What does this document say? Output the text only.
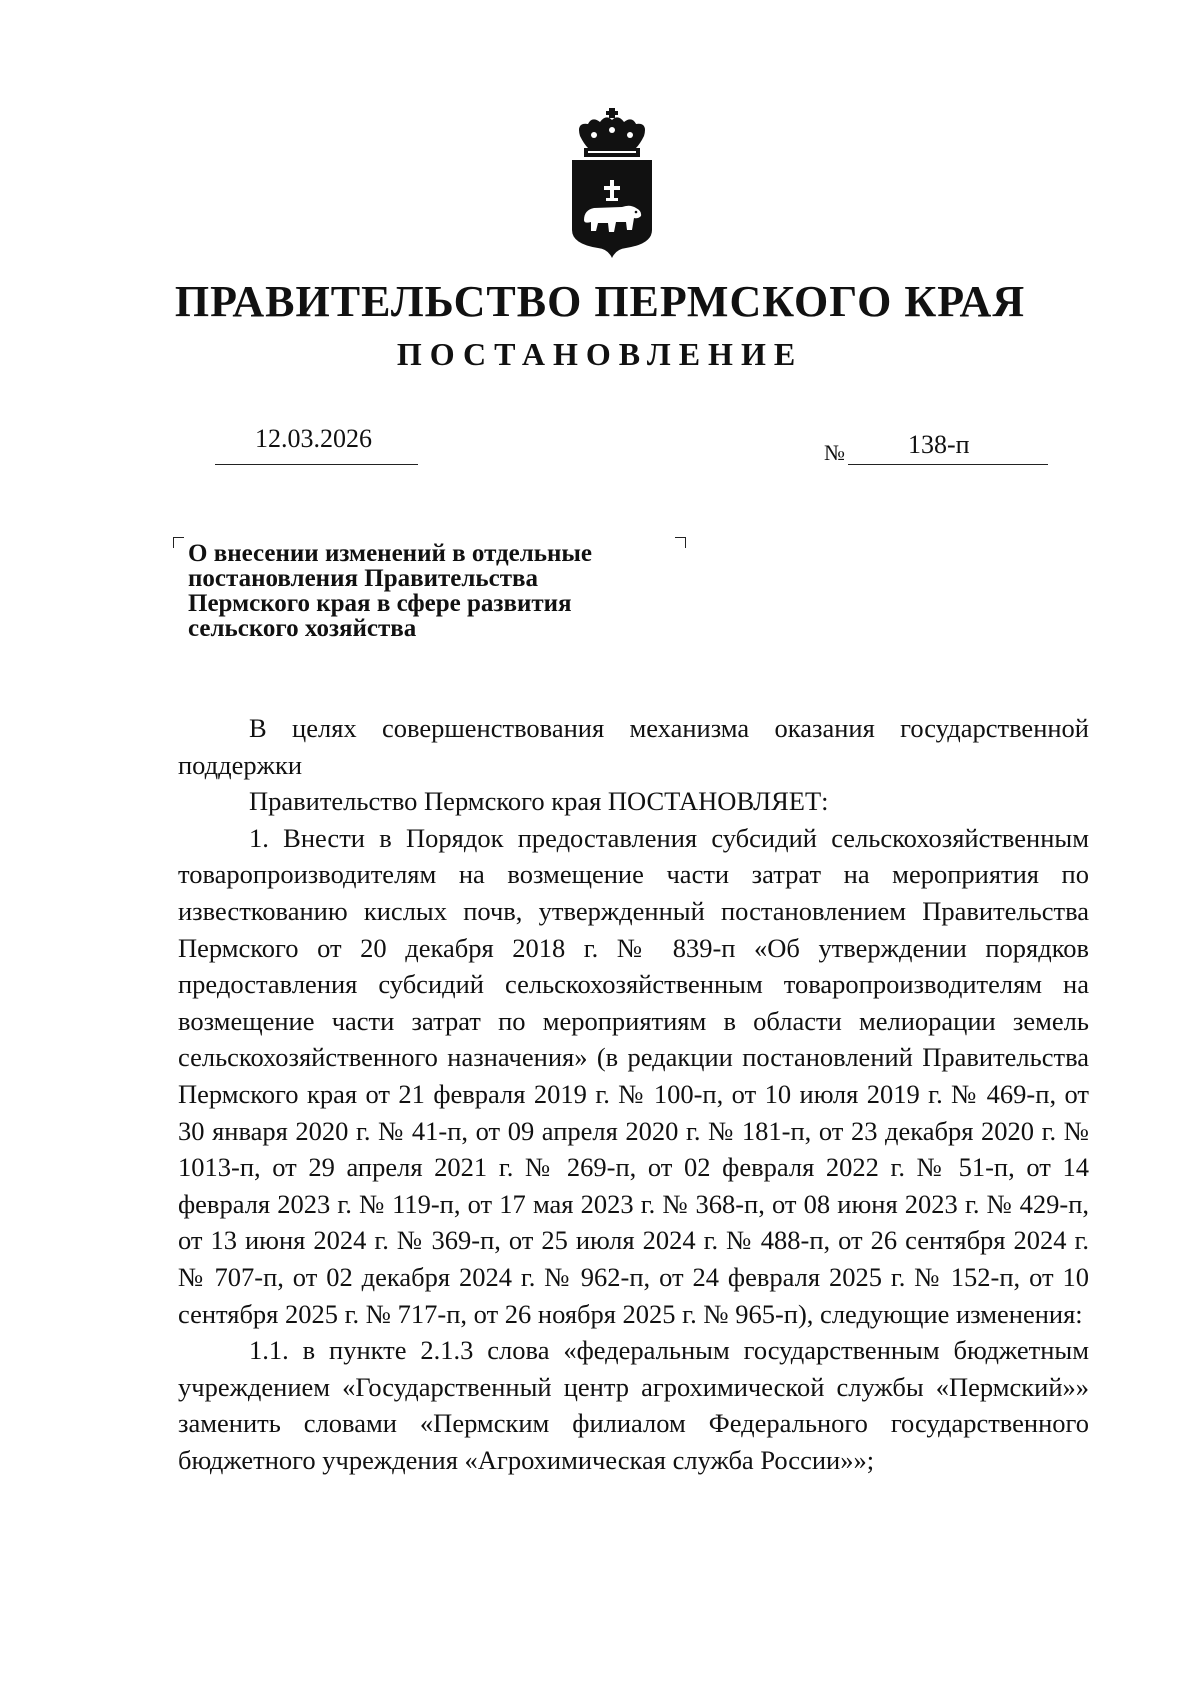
ПРАВИТЕЛЬСТВО ПЕРМСКОГО КРАЯ
ПОСТАНОВЛЕНИЕ
12.03.2026	№ 138-п
О внесении изменений в отдельные
постановления Правительства
Пермского края в сфере развития
сельского хозяйства

В целях совершенствования механизма оказания государственной поддержки

Правительство Пермского края ПОСТАНОВЛЯЕТ:

1. Внести в Порядок предоставления субсидий сельскохозяйственным товаропроизводителям на возмещение части затрат на мероприятия по известкованию кислых почв, утвержденный постановлением Правительства Пермского от 20 декабря 2018 г. № 839-п «Об утверждении порядков предоставления субсидий сельскохозяйственным товаропроизводителям на возмещение части затрат по мероприятиям в области мелиорации земель сельскохозяйственного назначения» (в редакции постановлений Правительства Пермского края от 21 февраля 2019 г. № 100-п, от 10 июля 2019 г. № 469-п, от 30 января 2020 г. № 41-п, от 09 апреля 2020 г. № 181-п, от 23 декабря 2020 г. № 1013-п, от 29 апреля 2021 г. № 269-п, от 02 февраля 2022 г. № 51-п, от 14 февраля 2023 г. № 119-п, от 17 мая 2023 г. № 368-п, от 08 июня 2023 г. № 429-п, от 13 июня 2024 г. № 369-п, от 25 июля 2024 г. № 488-п, от 26 сентября 2024 г. № 707-п, от 02 декабря 2024 г. № 962-п, от 24 февраля 2025 г. № 152-п, от 10 сентября 2025 г. № 717-п, от 26 ноября 2025 г. № 965-п), следующие изменения:

1.1. в пункте 2.1.3 слова «федеральным государственным бюджетным учреждением «Государственный центр агрохимической службы «Пермский»» заменить словами «Пермским филиалом Федерального государственного бюджетного учреждения «Агрохимическая служба России»»;
